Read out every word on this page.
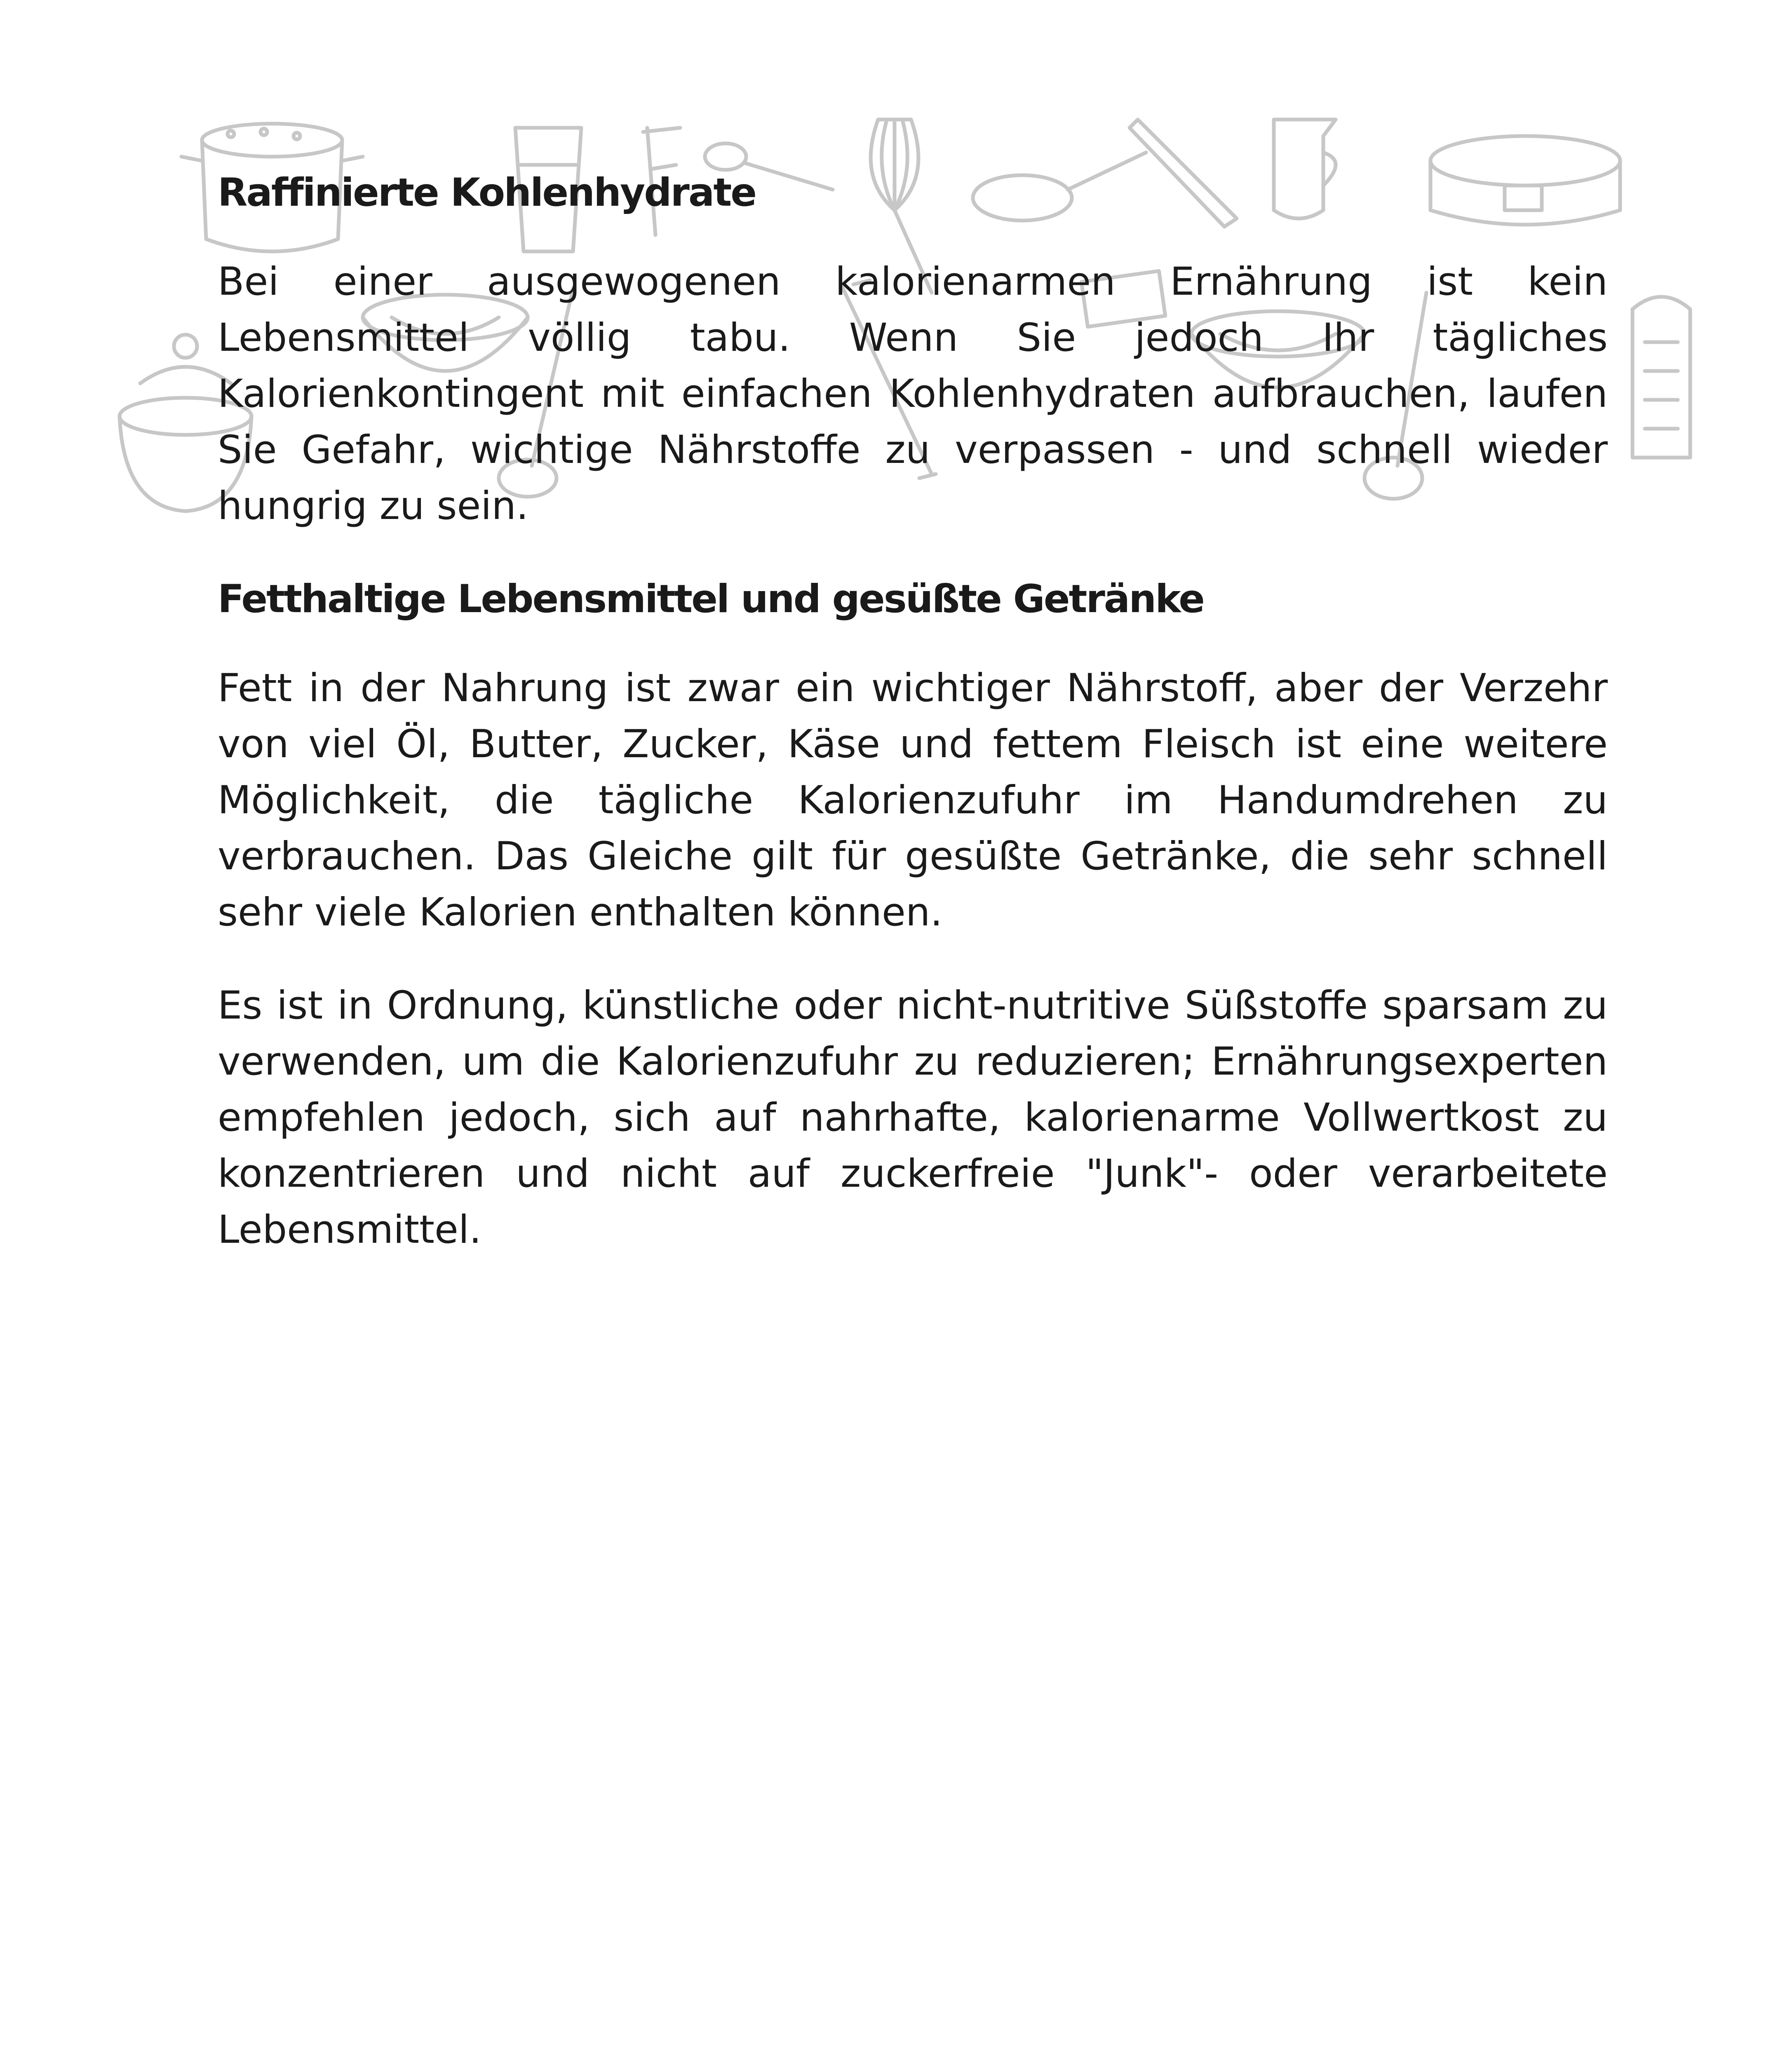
Raffinierte Kohlenhydrate

Bei einer ausgewogenen kalorienarmen Ernährung ist kein Lebensmittel völlig tabu. Wenn Sie jedoch Ihr tägliches Kalorienkontingent mit einfachen Kohlenhydraten aufbrauchen, laufen Sie Gefahr, wichtige Nährstoffe zu verpassen - und schnell wieder hungrig zu sein.

Fetthaltige Lebensmittel und gesüßte Getränke

Fett in der Nahrung ist zwar ein wichtiger Nährstoff, aber der Verzehr von viel Öl, Butter, Zucker, Käse und fettem Fleisch ist eine weitere Möglichkeit, die tägliche Kalorienzufuhr im Handumdrehen zu verbrauchen. Das Gleiche gilt für gesüßte Getränke, die sehr schnell sehr viele Kalorien enthalten können.

Es ist in Ordnung, künstliche oder nicht-nutritive Süßstoffe sparsam zu verwenden, um die Kalorienzufuhr zu reduzieren; Ernährungsexperten empfehlen jedoch, sich auf nahrhafte, kalorienarme Vollwertkost zu konzentrieren und nicht auf zuckerfreie "Junk"- oder verarbeitete Lebensmittel.
